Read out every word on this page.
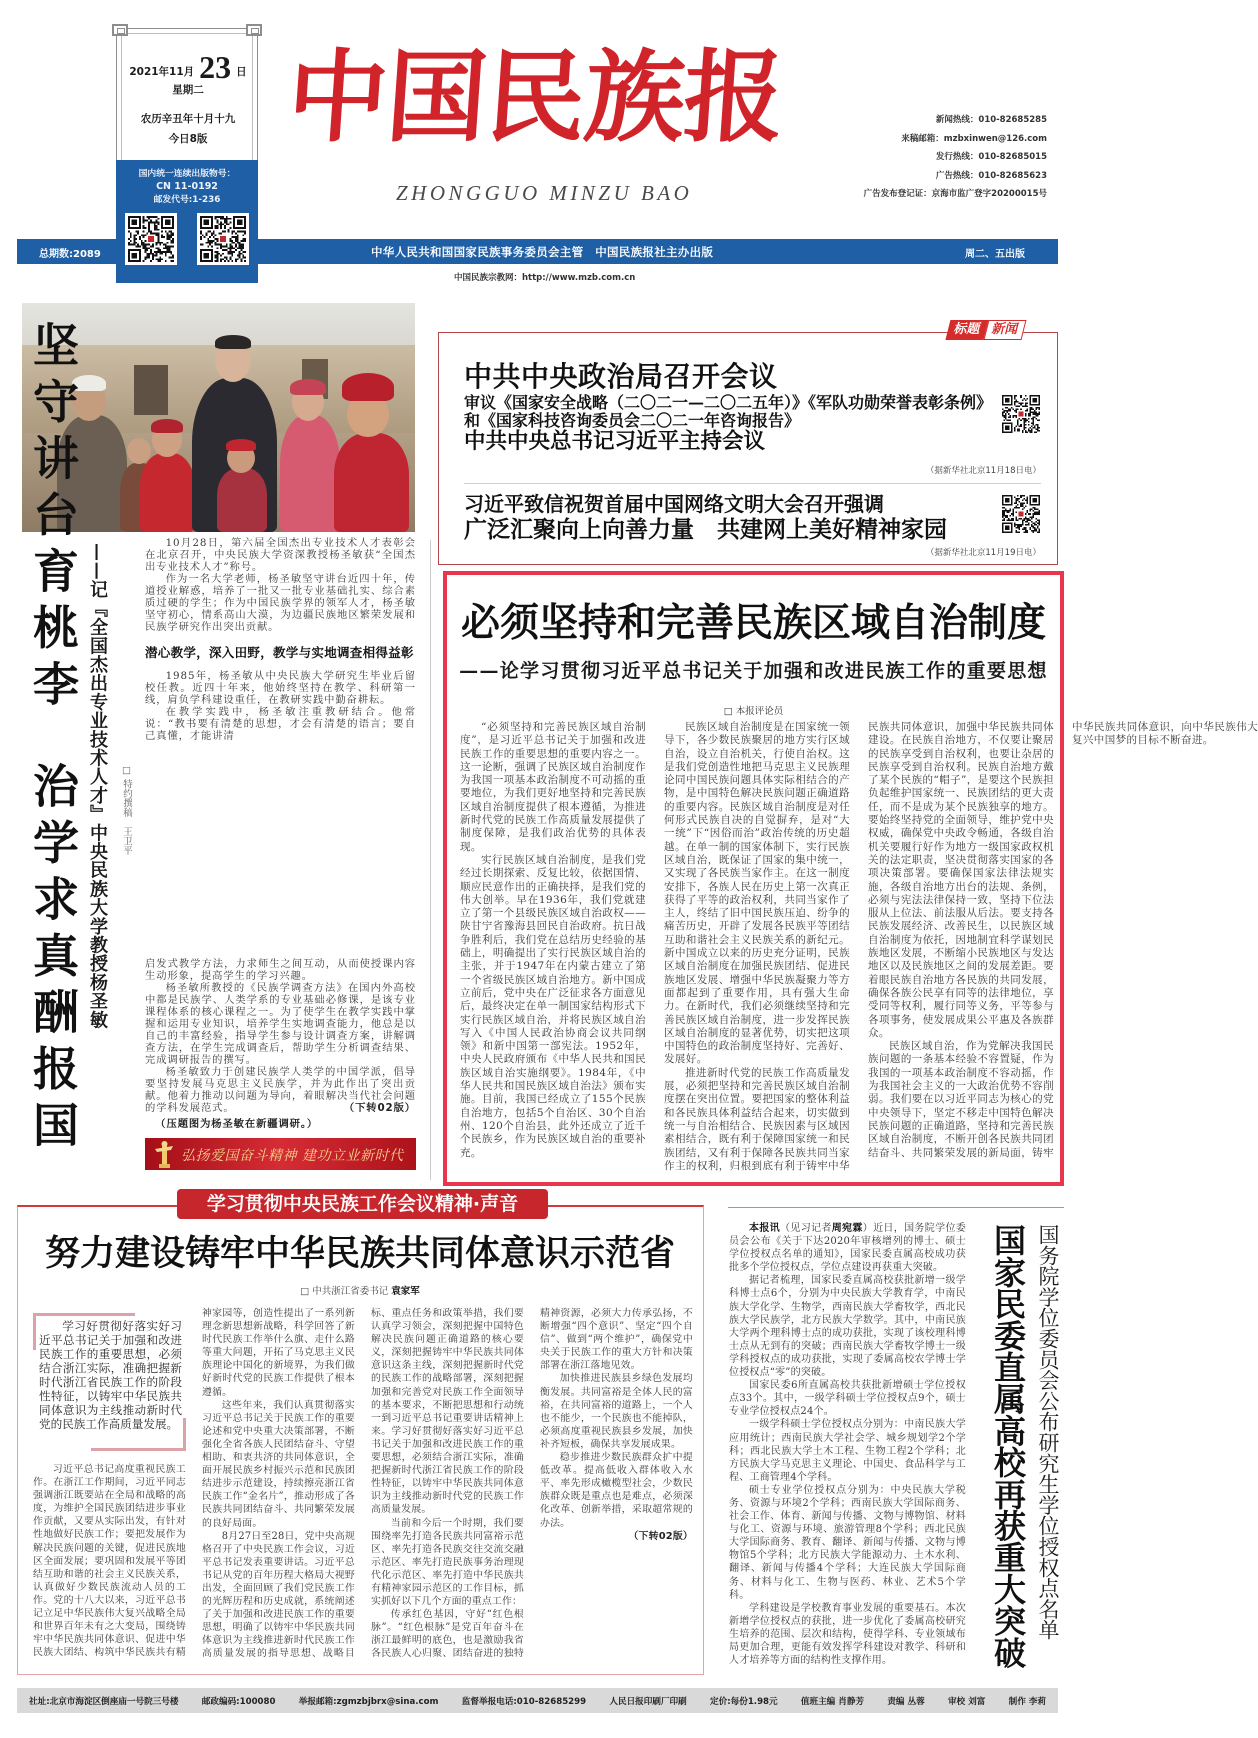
总期数:2089	中华人民共和国国家民族事务委员会主管　中国民族报社主办出版	周二、五出版
2021年11月 23 日
星期二
农历辛丑年十月十九
今日8版
国内统一连续出版物号：
CN 11-0192
邮发代号:1-236
中国民族报
ZHONGGUO MINZU BAO
新闻热线：010-82685285
来稿邮箱：mzbxinwen@126.com
发行热线：010-82685015
广告热线：010-82685623
广告发布登记证：京海市监广登字20200015号
中国民族宗教网：http://www.mzb.com.cn
坚守讲台育桃李
治学求真酬报国 ——记『全国杰出专业技术人才』中央民族大学教授杨圣敏 □ 特约撰稿　王卫平

10月28日，第六届全国杰出专业技术人才表彰会在北京召开，中央民族大学资深教授杨圣敏获“全国杰出专业技术人才”称号。

作为一名大学老师，杨圣敏坚守讲台近四十年，传道授业解惑，培养了一批又一批专业基础扎实、综合素质过硬的学生；作为中国民族学界的领军人才，杨圣敏坚守初心，情系高山大漠，为边疆民族地区繁荣发展和民族学研究作出突出贡献。

潜心教学，深入田野，教学与实地调查相得益彰

1985年，杨圣敏从中央民族大学研究生毕业后留校任教。近四十年来，他始终坚持在教学、科研第一线，肩负学科建设重任，在教研实践中勤奋耕耘。

在教学实践中，杨圣敏注重教研结合。他常说：“教书要有清楚的思想，才会有清楚的语言；要自己真懂，才能讲清

启发式教学方法，力求师生之间互动，从而使授课内容生动形象，提高学生的学习兴趣。

杨圣敏所教授的《民族学调查方法》在国内外高校中都是民族学、人类学系的专业基础必修课，是该专业课程体系的核心课程之一。为了使学生在教学实践中掌握和运用专业知识，培养学生实地调查能力，他总是以自己的丰富经验，指导学生参与设计调查方案，讲解调查方法，在学生完成调查后，帮助学生分析调查结果、完成调研报告的撰写。

杨圣敏致力于创建民族学人类学的中国学派，倡导要坚持发展马克思主义民族学，并为此作出了突出贡献。他着力推动以问题为导向，着眼解决当代社会问题的学科发展范式。	（下转02版）
（压题图为杨圣敏在新疆调研。）
弘扬爱国奋斗精神 建功立业新时代
标题 新闻
中共中央政治局召开会议
审议《国家安全战略（二〇二一—二〇二五年）》《军队功勋荣誉表彰条例》
和《国家科技咨询委员会二〇二一年咨询报告》
中共中央总书记习近平主持会议
（据新华社北京11月18日电）
习近平致信祝贺首届中国网络文明大会召开强调
广泛汇聚向上向善力量　共建网上美好精神家园
（据新华社北京11月19日电）
必须坚持和完善民族区域自治制度
——论学习贯彻习近平总书记关于加强和改进民族工作的重要思想
□ 本报评论员

“必须坚持和完善民族区域自治制度”，是习近平总书记关于加强和改进民族工作的重要思想的重要内容之一。这一论断，强调了民族区域自治制度作为我国一项基本政治制度不可动摇的重要地位，为我们更好地坚持和完善民族区域自治制度提供了根本遵循，为推进新时代党的民族工作高质量发展提供了制度保障，是我们政治优势的具体表现。

实行民族区域自治制度，是我们党经过长期探索、反复比较，依据国情、顺应民意作出的正确抉择，是我们党的伟大创举。早在1936年，我们党就建立了第一个县级民族区域自治政权——陕甘宁省豫海县回民自治政府。抗日战争胜利后，我们党在总结历史经验的基础上，明确提出了实行民族区域自治的主张，并于1947年在内蒙古建立了第一个省级民族区域自治地方。新中国成立前后，党中央在广泛征求各方面意见后，最终决定在单一制国家结构形式下实行民族区域自治，并将民族区域自治写入《中国人民政治协商会议共同纲领》和新中国第一部宪法。1952年，中央人民政府颁布《中华人民共和国民族区域自治实施纲要》。1984年，《中华人民共和国民族区域自治法》颁布实施。目前，我国已经成立了155个民族自治地方，包括5个自治区、30个自治州、120个自治县，此外还成立了近千个民族乡，作为民族区域自治的重要补充。

民族区域自治制度是在国家统一领导下，各少数民族聚居的地方实行区域自治，设立自治机关，行使自治权。这是我们党创造性地把马克思主义民族理论同中国民族问题具体实际相结合的产物，是中国特色解决民族问题正确道路的重要内容。民族区域自治制度是对任何形式民族自决的自觉摒弃，是对“大一统”下“因俗而治”政治传统的历史超越。在单一制的国家体制下，实行民族区域自治，既保证了国家的集中统一，又实现了各民族当家作主。在这一制度安排下，各族人民在历史上第一次真正获得了平等的政治权利，共同当家作了主人，终结了旧中国民族压迫、纷争的痛苦历史，开辟了发展各民族平等团结互助和谐社会主义民族关系的新纪元。新中国成立以来的历史充分证明，民族区域自治制度在加强民族团结、促进民族地区发展、增强中华民族凝聚力等方面都起到了重要作用，具有强大生命力。在新时代，我们必须继续坚持和完善民族区域自治制度，进一步发挥民族区域自治制度的显著优势，切实把这项中国特色的政治制度坚持好、完善好、发展好。

推进新时代党的民族工作高质量发展，必须把坚持和完善民族区域自治制度摆在突出位置。要把国家的整体利益和各民族具体利益结合起来，切实做到统一与自治相结合、民族因素与区域因素相结合，既有利于保障国家统一和民族团结，又有利于保障各民族共同当家作主的权利，归根到底有利于铸牢中华民族共同体意识，加强中华民族共同体建设。在民族自治地方，不仅要让聚居的民族享受到自治权利，也要让杂居的民族享受到自治权利。民族自治地方戴了某个民族的“帽子”，是要这个民族担负起维护国家统一、民族团结的更大责任，而不是成为某个民族独享的地方。要始终坚持党的全面领导，维护党中央权威，确保党中央政令畅通，各级自治机关要履行好作为地方一级国家政权机关的法定职责，坚决贯彻落实国家的各项决策部署。要确保国家法律法规实施，各级自治地方出台的法规、条例，必须与宪法法律保持一致，坚持下位法服从上位法、前法服从后法。要支持各民族发展经济、改善民生，以民族区域自治制度为依托，因地制宜科学谋划民族地区发展，不断缩小民族地区与发达地区以及民族地区之间的发展差距。要着眼民族自治地方各民族的共同发展，确保各族公民享有同等的法律地位，享受同等权利，履行同等义务，平等参与各项事务，使发展成果公平惠及各族群众。

民族区域自治，作为党解决我国民族问题的一条基本经验不容置疑，作为我国的一项基本政治制度不容动摇，作为我国社会主义的一大政治优势不容削弱。我们要在以习近平同志为核心的党中央领导下，坚定不移走中国特色解决民族问题的正确道路，坚持和完善民族区域自治制度，不断开创各民族共同团结奋斗、共同繁荣发展的新局面，铸牢中华民族共同体意识，向中华民族伟大复兴中国梦的目标不断奋进。

学习贯彻中央民族工作会议精神·声音
努力建设铸牢中华民族共同体意识示范省
□ 中共浙江省委书记 袁家军
学习好贯彻好落实好习近平总书记关于加强和改进民族工作的重要思想，必须结合浙江实际，准确把握新时代浙江省民族工作的阶段性特征，以铸牢中华民族共同体意识为主线推动新时代党的民族工作高质量发展。

习近平总书记高度重视民族工作。在浙江工作期间，习近平同志强调浙江既要站在全局和战略的高度，为维护全国民族团结进步事业作贡献，又要从实际出发，有针对性地做好民族工作；要把发展作为解决民族问题的关键，促进民族地区全面发展；要巩固和发展平等团结互助和谐的社会主义民族关系，认真做好少数民族流动人员的工作。党的十八大以来，习近平总书记立足中华民族伟大复兴战略全局和世界百年未有之大变局，围绕铸牢中华民族共同体意识、促进中华民族大团结、构筑中华民族共有精神家园等，创造性提出了一系列新理念新思想新战略，科学回答了新时代民族工作举什么旗、走什么路等重大问题，开拓了马克思主义民族理论中国化的新境界，为我们做好新时代党的民族工作提供了根本遵循。

这些年来，我们认真贯彻落实习近平总书记关于民族工作的重要论述和党中央重大决策部署，不断强化全省各族人民团结奋斗、守望相助、和衷共济的共同体意识，全面开展民族乡村振兴示范和民族团结进步示范建设，持续擦亮浙江省民族工作“金名片”，推动形成了各民族共同团结奋斗、共同繁荣发展的良好局面。

8月27日至28日，党中央高规格召开了中央民族工作会议，习近平总书记发表重要讲话。习近平总书记从党的百年历程大格局大视野出发，全面回顾了我们党民族工作的光辉历程和历史成就，系统阐述了关于加强和改进民族工作的重要思想，明确了以铸牢中华民族共同体意识为主线推进新时代民族工作高质量发展的指导思想、战略目标、重点任务和政策举措，我们要认真学习领会，深刻把握中国特色解决民族问题正确道路的核心要义，深刻把握铸牢中华民族共同体意识这条主线，深刻把握新时代党的民族工作的战略部署，深刻把握加强和完善党对民族工作全面领导的基本要求，不断把思想和行动统一到习近平总书记重要讲话精神上来。学习好贯彻好落实好习近平总书记关于加强和改进民族工作的重要思想，必须结合浙江实际，准确把握新时代浙江省民族工作的阶段性特征，以铸牢中华民族共同体意识为主线推动新时代党的民族工作高质量发展。

当前和今后一个时期，我们要围绕率先打造各民族共同富裕示范区、率先打造各民族交往交流交融示范区、率先打造民族事务治理现代化示范区、率先打造中华民族共有精神家园示范区的工作目标，抓实抓好以下几个方面的重点工作：

传承红色基因，守好“红色根脉”。“红色根脉”是党百年奋斗在浙江最鲜明的底色，也是激励我省各民族人心归聚、团结奋进的独特精神资源，必须大力传承弘扬，不断增强“四个意识”、坚定“四个自信”、做到“两个维护”，确保党中央关于民族工作的重大方针和决策部署在浙江落地见效。

加快推进民族县乡绿色发展均衡发展。共同富裕是全体人民的富裕，在共同富裕的道路上，一个人也不能少，一个民族也不能掉队，必须高度重视民族县乡发展，加快补齐短板，确保共享发展成果。

稳步推进少数民族群众扩中提低改革。提高低收入群体收入水平、率先形成橄榄型社会，少数民族群众既是重点也是难点，必须深化改革、创新举措，采取超常规的办法。

（下转02版）

本报讯（见习记者周宛霖）近日，国务院学位委员会公布《关于下达2020年审核增列的博士、硕士学位授权点名单的通知》，国家民委直属高校成功获批多个学位授权点，学位点建设再获重大突破。

据记者梳理，国家民委直属高校获批新增一级学科博士点6个，分别为中央民族大学教育学，中南民族大学化学、生物学，西南民族大学畜牧学，西北民族大学民族学，北方民族大学数学。其中，中南民族大学两个理科博士点的成功获批，实现了该校理科博士点从无到有的突破；西南民族大学畜牧学博士一级学科授权点的成功获批，实现了委属高校农学博士学位授权点“零”的突破。

国家民委6所直属高校共获批新增硕士学位授权点33个。其中，一级学科硕士学位授权点9个，硕士专业学位授权点24个。

一级学科硕士学位授权点分别为：中南民族大学应用统计；西南民族大学社会学、城乡规划学2个学科；西北民族大学土木工程、生物工程2个学科；北方民族大学马克思主义理论、中国史、食品科学与工程、工商管理4个学科。

硕士专业学位授权点分别为：中央民族大学税务、资源与环境2个学科；西南民族大学国际商务、社会工作、体育、新闻与传播、文物与博物馆、材料与化工、资源与环境、旅游管理8个学科；西北民族大学国际商务、教育、翻译、新闻与传播、文物与博物馆5个学科；北方民族大学能源动力、土木水利、翻译、新闻与传播4个学科；大连民族大学国际商务、材料与化工、生物与医药、林业、艺术5个学科。

学科建设是学校教育事业发展的重要基石。本次新增学位授权点的获批，进一步优化了委属高校研究生培养的范围、层次和结构，使得学科、专业领域布局更加合理，更能有效发挥学科建设对教学、科研和人才培养等方面的结构性支撑作用。	国家民委直属高校再获重大突破 国务院学位委员会公布研究生学位授权点名单
社址:北京市海淀区倒座庙一号院三号楼	邮政编码:100080	举报邮箱:zgmzbjbrx@sina.com	监督举报电话:010-82685299	人民日报印刷厂印刷	定价:每份1.98元	值班主编 肖静芳	责编 丛蓉	审校 刘富	制作 李莉
